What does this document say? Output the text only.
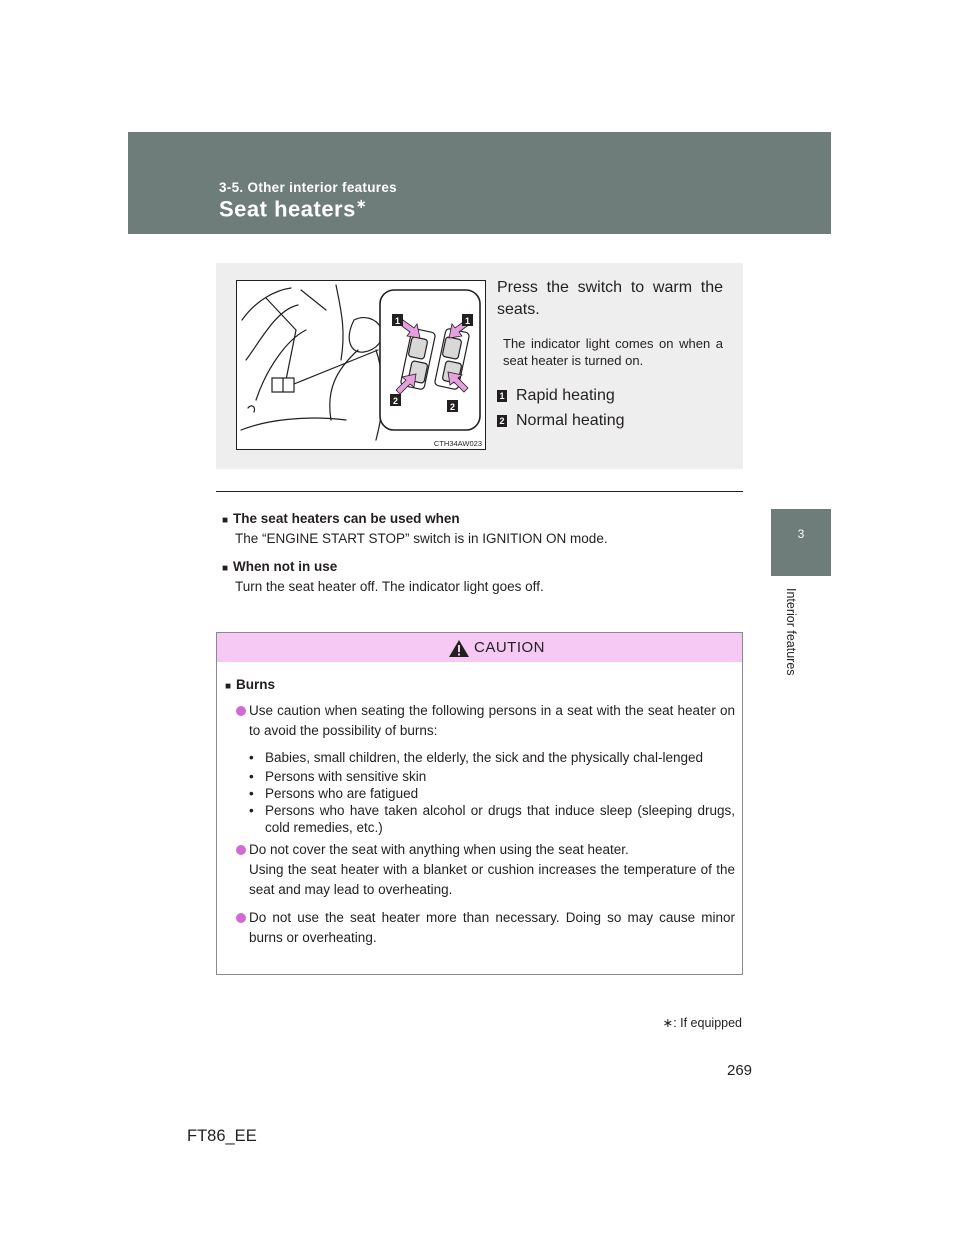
3-5. Other interior features
Seat heaters∗
3
Interior features
1	1
2
2
CTH34AW023

Press the switch to warm the seats.

The indicator light comes on when a seat heater is turned on.

1 Rapid heating
2 Normal heating
■ The seat heaters can be used when
The “ENGINE START STOP” switch is in IGNITION ON mode.
■ When not in use
Turn the seat heater off. The indicator light goes off.
CAUTION
■ Burns
Use caution when seating the following persons in a seat with the seat heater on to avoid the possibility of burns:
• Babies, small children, the elderly, the sick and the physically chal-lenged
• Persons with sensitive skin
• Persons who are fatigued
• Persons who have taken alcohol or drugs that induce sleep (sleeping drugs, cold remedies, etc.)
Do not cover the seat with anything when using the seat heater.
Using the seat heater with a blanket or cushion increases the temperature of the seat and may lead to overheating.
Do not use the seat heater more than necessary. Doing so may cause minor burns or overheating.
∗: If equipped
269
FT86_EE
